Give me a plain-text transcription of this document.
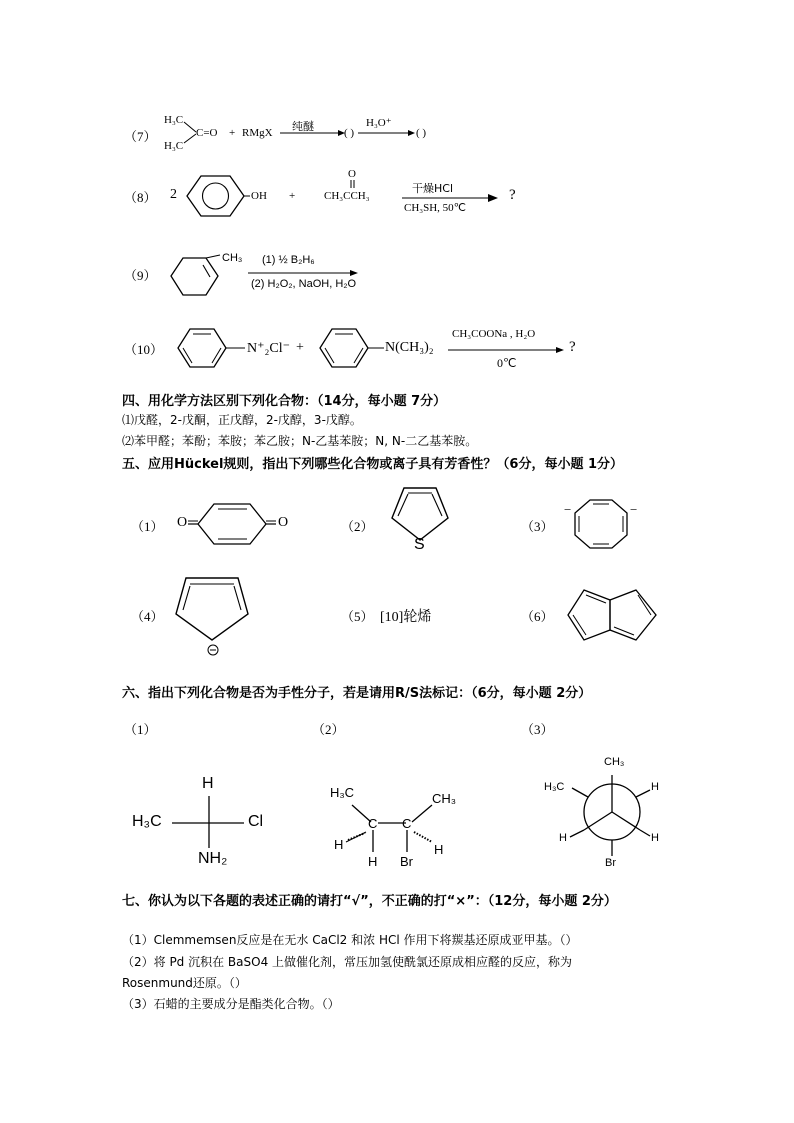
（7）
H₃C
H₃C
C=O + RMgX 纯醚	( )
H₃O⁺
( )
（8） 2	OH +
O
CH₃CCH₃
干燥HCl
CH₃SH, 50℃
?
（9）
CH₃ (1) ½ B₂H₆
(2) H₂O₂, NaOH, H₂O
（10）	N⁺₂Cl⁻ +	N(CH₃)₂
CH₃COONa , H₂O
0℃
?
四、用化学方法区别下列化合物：（14分，每小题 7分）
⑴戊醛，2-戊酮，正戊醇，2-戊醇，3-戊醇。
⑵苯甲醛；苯酚；苯胺；苯乙胺；N-乙基苯胺；N, N-二乙基苯胺。
五、应用Hückel规则，指出下列哪些化合物或离子具有芳香性？（6分，每小题 1分）
（1）	（2）	（3）
（4）	（5）	（6）
O	O
S
−	−
[10]轮烯
六、指出下列化合物是否为手性分子，若是请用R/S法标记：（6分，每小题 2分）
（1）	（2）	（3）
H
H₃C	Cl
NH₂
H₃C	CH₃
C C
H
H
H
Br
CH₃
H₃C	H
H
H
Br
七、你认为以下各题的表述正确的请打“√”，不正确的打“×”：（12分，每小题 2分）
（1）Clemmemsen反应是在无水 CaCl2 和浓 HCl 作用下将羰基还原成亚甲基。（）
（2）将 Pd 沉积在 BaSO4 上做催化剂，常压加氢使酰氯还原成相应醛的反应，称为
Rosenmund还原。（）
（3）石蜡的主要成分是酯类化合物。（）
